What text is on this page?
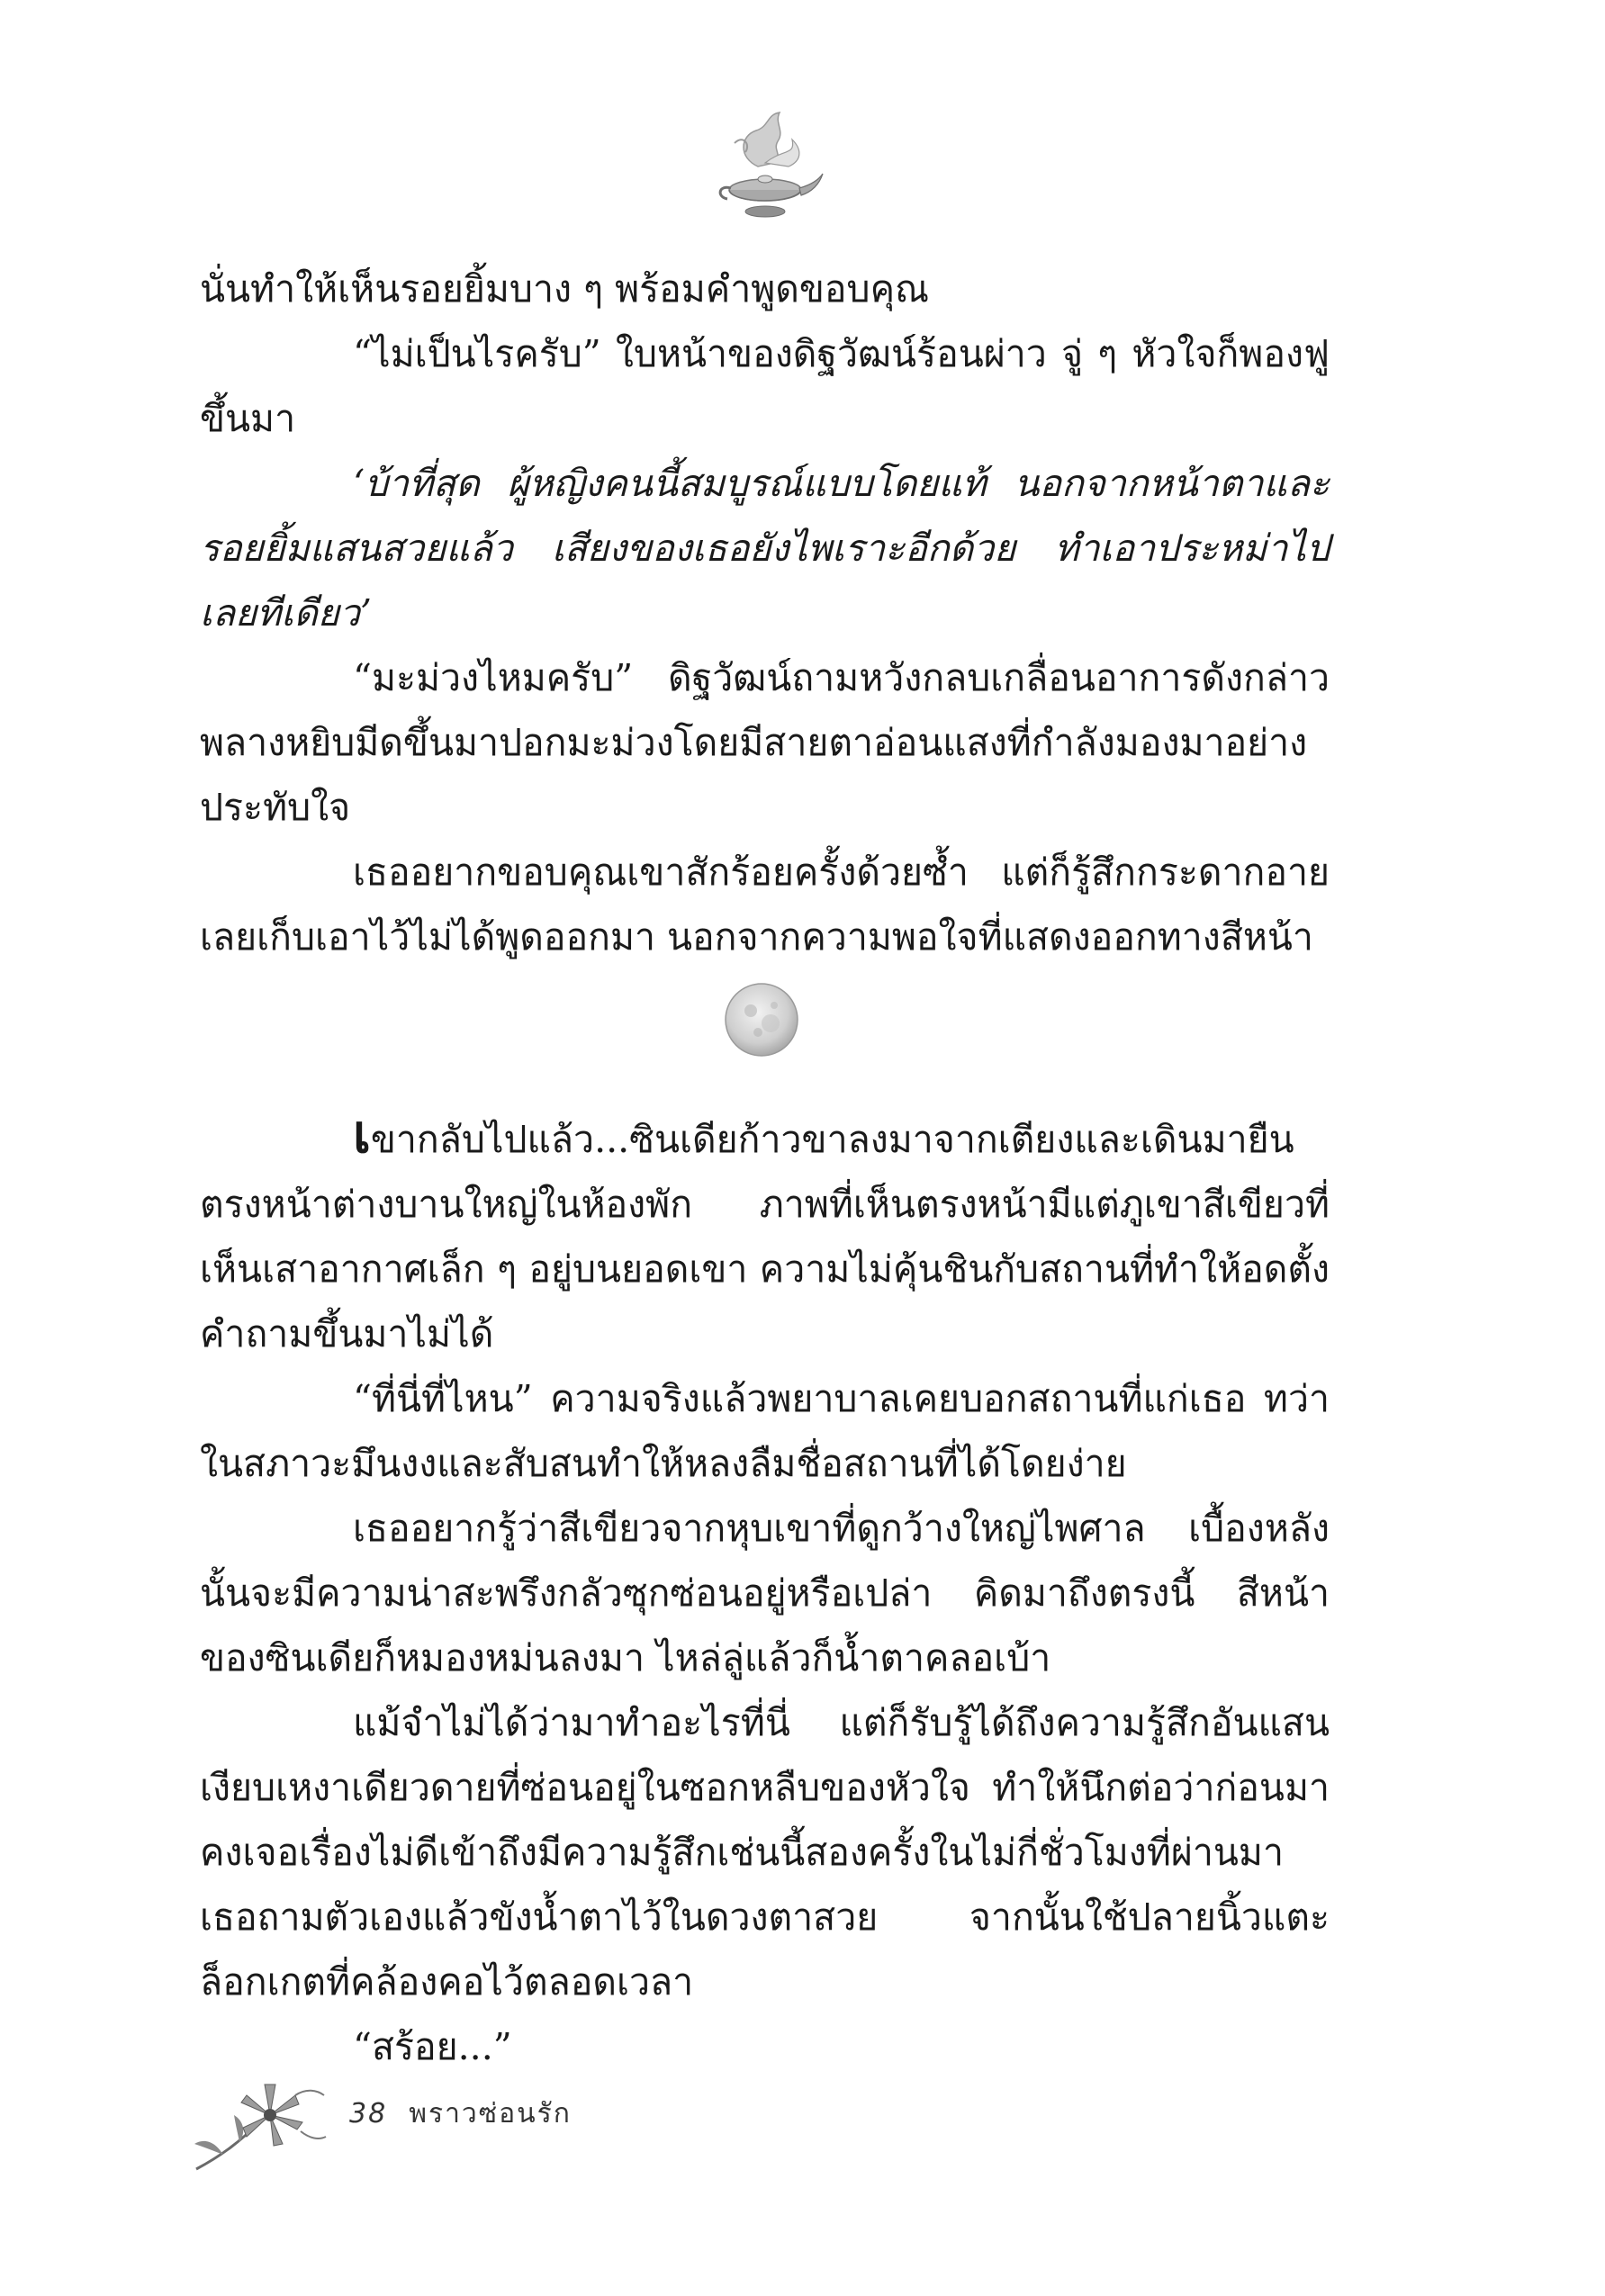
นั่นทำให้เห็นรอยยิ้มบาง ๆ พร้อมคำพูดขอบคุณ

“ไม่เป็นไรครับ” ใบหน้าของดิฐวัฒน์ร้อนผ่าว จู่ ๆ หัวใจก็พองฟูขึ้นมา

‘บ้าที่สุด ผู้หญิงคนนี้สมบูรณ์แบบโดยแท้ นอกจากหน้าตาและรอยยิ้มแสนสวยแล้ว เสียงของเธอยังไพเราะอีกด้วย ทำเอาประหม่าไปเลยทีเดียว’

“มะม่วงไหมครับ” ดิฐวัฒน์ถามหวังกลบเกลื่อนอาการดังกล่าว พลางหยิบมีดขึ้นมาปอกมะม่วงโดยมีสายตาอ่อนแสงที่กำลังมองมาอย่างประทับใจ

เธออยากขอบคุณเขาสักร้อยครั้งด้วยซ้ำ แต่ก็รู้สึกกระดากอายเลยเก็บเอาไว้ไม่ได้พูดออกมา นอกจากความพอใจที่แสดงออกทางสีหน้า

เขากลับไปแล้ว...ซินเดียก้าวขาลงมาจากเตียงและเดินมายืนตรงหน้าต่างบานใหญ่ในห้องพัก ภาพที่เห็นตรงหน้ามีแต่ภูเขาสีเขียวที่เห็นเสาอากาศเล็ก ๆ อยู่บนยอดเขา ความไม่คุ้นชินกับสถานที่ทำให้อดตั้งคำถามขึ้นมาไม่ได้

“ที่นี่ที่ไหน” ความจริงแล้วพยาบาลเคยบอกสถานที่แก่เธอ ทว่าในสภาวะมึนงงและสับสนทำให้หลงลืมชื่อสถานที่ได้โดยง่าย

เธออยากรู้ว่าสีเขียวจากหุบเขาที่ดูกว้างใหญ่ไพศาล เบื้องหลังนั้นจะมีความน่าสะพรึงกลัวซุกซ่อนอยู่หรือเปล่า คิดมาถึงตรงนี้ สีหน้าของซินเดียก็หมองหม่นลงมา ไหล่ลู่แล้วก็น้ำตาคลอเบ้า

แม้จำไม่ได้ว่ามาทำอะไรที่นี่ แต่ก็รับรู้ได้ถึงความรู้สึกอันแสนเงียบเหงาเดียวดายที่ซ่อนอยู่ในซอกหลืบของหัวใจ ทำให้นึกต่อว่าก่อนมาคงเจอเรื่องไม่ดีเข้าถึงมีความรู้สึกเช่นนี้สองครั้งในไม่กี่ชั่วโมงที่ผ่านมา เธอถามตัวเองแล้วขังน้ำตาไว้ในดวงตาสวย จากนั้นใช้ปลายนิ้วแตะล็อกเกตที่คล้องคอไว้ตลอดเวลา

“สร้อย...”

38 พราวซ่อนรัก
